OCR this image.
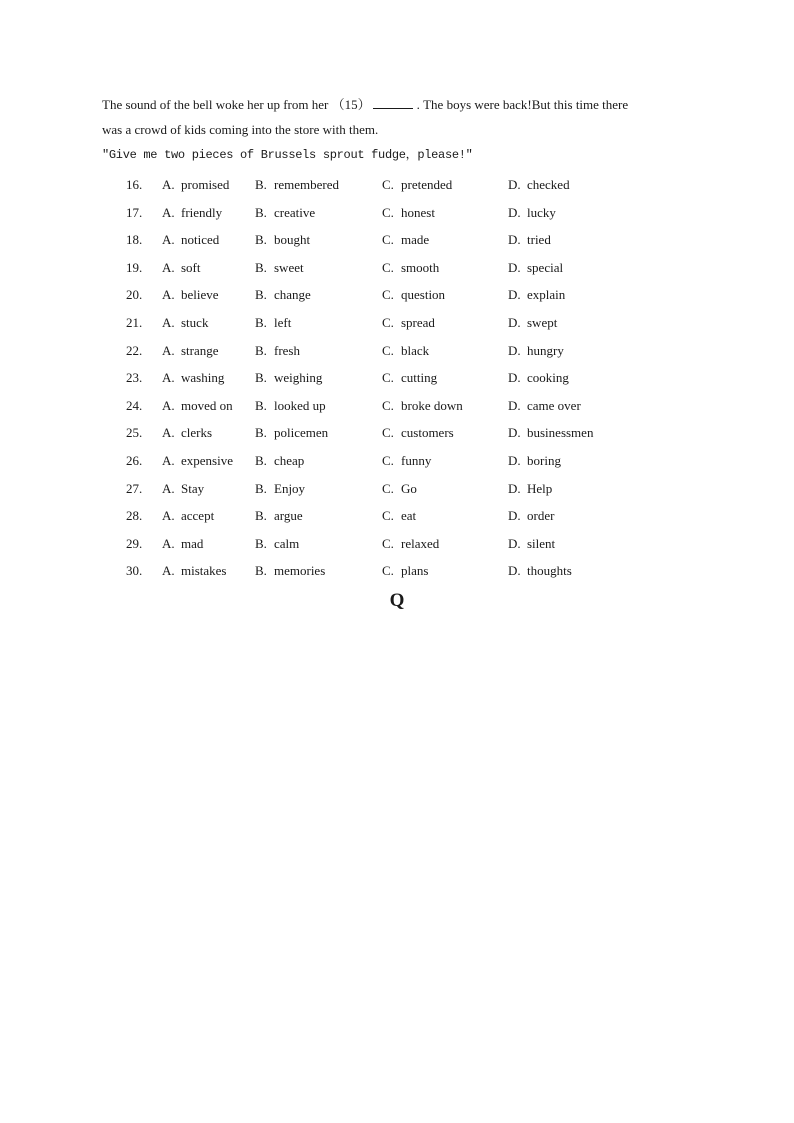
The sound of the bell woke her up from her （15）	. The boys were back!But this time there
was a crowd of kids coming into the store with them.
"Give me two pieces of Brussels sprout fudge，please!"
16. A. promised B. remembered	C. pretended	D. checked
17. A. friendly	B. creative	C. honest	D. lucky
18. A. noticed	B. bought	C. made	D. tried
19. A. soft	B. sweet	C. smooth	D. special
20. A. believe	B. change	C. question	D. explain
21. A. stuck	B. left	C. spread	D. swept
22. A. strange	B. fresh	C. black	D. hungry
23. A. washing B. weighing	C. cutting	D. cooking
24. A. moved on B. looked up	C. broke down	D. came over
25. A. clerks	B. policemen	C. customers	D. businessmen
26. A. expensive B. cheap	C. funny	D. boring
27. A. Stay	B. Enjoy	C. Go	D. Help
28. A. accept	B. argue	C. eat	D. order
29. A. mad	B. calm	C. relaxed	D. silent
30. A. mistakes B. memories	C. plans	D. thoughts
Q
